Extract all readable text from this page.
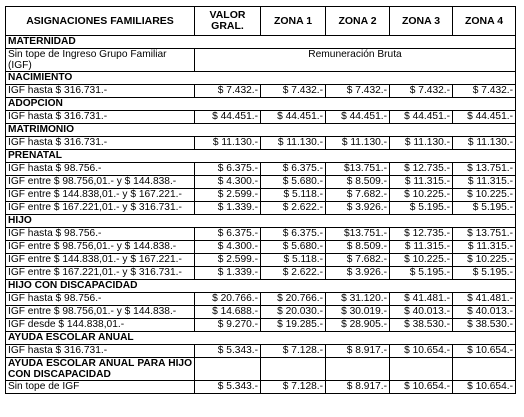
ASIGNACIONES FAMILIARES	VALOR GRAL.	ZONA 1	ZONA 2	ZONA 3	ZONA 4
MATERNIDAD					
Sin tope de Ingreso Grupo Familiar (IGF)	Remuneración Bruta				
NACIMIENTO					
IGF hasta $ 316.731.-	$ 7.432.-	$ 7.432.-	$ 7.432.-	$ 7.432.-	$ 7.432.-
ADOPCION					
IGF hasta $ 316.731.-	$ 44.451.-	$ 44.451.-	$ 44.451.-	$ 44.451.-	$ 44.451.-
MATRIMONIO					
IGF hasta $ 316.731.-	$ 11.130.-	$ 11.130.-	$ 11.130.-	$ 11.130.-	$ 11.130.-
PRENATAL					
IGF hasta $ 98.756.-	$ 6.375.-	$ 6.375.-	$13.751.-	$ 12.735.-	$ 13.751.-
IGF entre $ 98.756,01.- y $ 144.838.-	$ 4.300.-	$ 5.680.-	$ 8.509.-	$ 11.315.-	$ 11.315.-
IGF entre $ 144.838,01.- y $ 167.221.-	$ 2.599.-	$ 5.118.-	$ 7.682.-	$ 10.225.-	$ 10.225.-
IGF entre $ 167.221,01.- y $ 316.731.-	$ 1.339.-	$ 2.622.-	$ 3.926.-	$ 5.195.-	$ 5.195.-
HIJO					
IGF hasta $ 98.756.-	$ 6.375.-	$ 6.375.-	$13.751.-	$ 12.735.-	$ 13.751.-
IGF entre $ 98.756,01.- y $ 144.838.-	$ 4.300.-	$ 5.680.-	$ 8.509.-	$ 11.315.-	$ 11.315.-
IGF entre $ 144.838,01.- y $ 167.221.-	$ 2.599.-	$ 5.118.-	$ 7.682.-	$ 10.225.-	$ 10.225.-
IGF entre $ 167.221,01.- y $ 316.731.-	$ 1.339.-	$ 2.622.-	$ 3.926.-	$ 5.195.-	$ 5.195.-
HIJO CON DISCAPACIDAD					
IGF hasta $ 98.756.-	$ 20.766.-	$ 20.766.-	$ 31.120.-	$ 41.481.-	$ 41.481.-
IGF entre $ 98.756,01.- y $ 144.838.-	$ 14.688.-	$ 20.030.-	$ 30.019.-	$ 40.013.-	$ 40.013.-
IGF desde $ 144.838,01.-	$ 9.270.-	$ 19.285.-	$ 28.905.-	$ 38.530.-	$ 38.530.-
AYUDA ESCOLAR ANUAL					
IGF hasta $ 316.731.-	$ 5.343.-	$ 7.128.-	$ 8.917.-	$ 10.654.-	$ 10.654.-
AYUDA ESCOLAR ANUAL PARA HIJO CON DISCAPACIDAD					
Sin tope de IGF	$ 5.343.-	$ 7.128.-	$ 8.917.-	$ 10.654.-	$ 10.654.-
